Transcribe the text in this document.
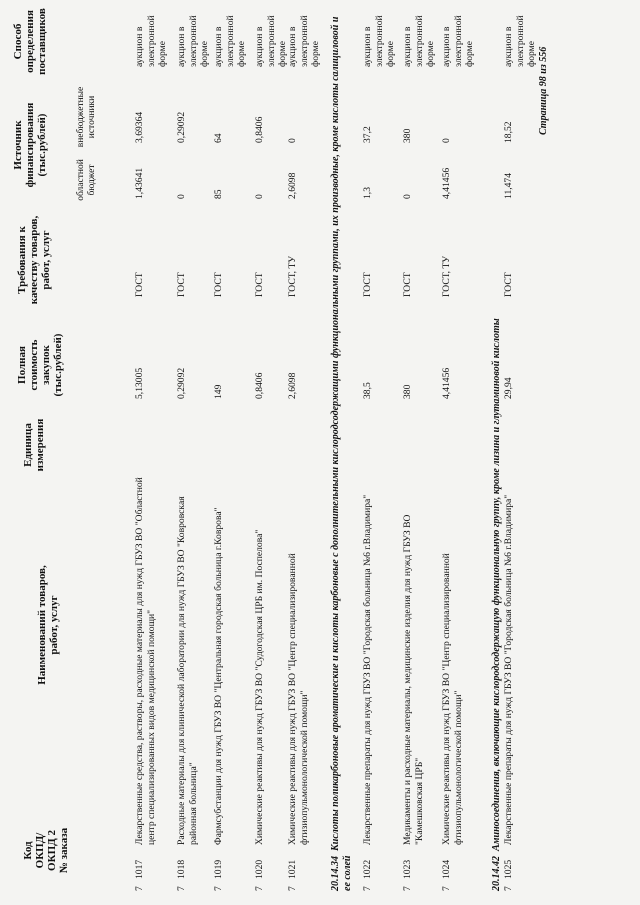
Код
ОКПД/
ОКПД 2
№ заказа
Наименований товаров,
работ, услуг
Единица
измерения
Полная
стоимость
закупок
(тыс.рублей)
Требования к
качеству товаров,
работ, услуг
Источник
финансирования
(тыс.рублей)
областной
бюджет
внебюджетные
источники
Способ
определения
поставщиков
7
1017
Лекарственные средства, растворы, расходные материалы для нужд ГБУЗ ВО "Областной центр специализированных видов медицинской помощи"
5,13005
ГОСТ
1,43641
3,69364
аукцион в
электронной
форме
7
1018
Расходные материалы для клинической лаборатории для нужд ГБУЗ ВО "Ковровская районная больница"
0,29092
ГОСТ
0
0,29092
аукцион в
электронной
форме
7
1019
Фармсубстанции для нужд ГБУЗ ВО "Центральная городская больница г.Коврова"
149
ГОСТ
85
64
аукцион в
электронной
форме
7
1020
Химические реактивы для нужд ГБУЗ ВО "Судогодская ЦРБ им. Поспелова"
0,8406
ГОСТ
0
0,8406
аукцион в
электронной
форме
7
1021
Химические реактивы для нужд ГБУЗ ВО "Центр специализированной фтизиопульмонологической помощи"
2,6098
ГОСТ, ТУ
2,6098
0
аукцион в
электронной
форме
20.14.34  Кислоты поликарбоновые ароматические и кислоты карбоновые с дополнительными кислородсодержащими функциональными группами, их производные, кроме кислоты салициловой и ее солей 7
1022
Лекарственные препараты для нужд ГБУЗ ВО "Городская больница №6 г.Владимира"
38,5
ГОСТ
1,3
37,2
аукцион в
электронной
форме
7
1023
Медикаменты и расходные материалы, медицинские изделия для нужд ГБУЗ ВО "Камешковская ЦРБ"
380
ГОСТ
0
380
аукцион в
электронной
форме
7
1024
Химические реактивы для нужд ГБУЗ ВО "Центр специализированной фтизиопульмонологической помощи"
4,41456
ГОСТ, ТУ
4,41456
0
аукцион в
электронной
форме
20.14.42  Аминосоединения, включающие кислородсодержащую функциональную группу, кроме лизина и глутаминовой кислоты
7
1025
Лекарственные препараты для нужд ГБУЗ ВО "Городская больница №6 г.Владимира"
29,94
ГОСТ
11,474
18,52
аукцион в
электронной
форме Страница 98 из 556
